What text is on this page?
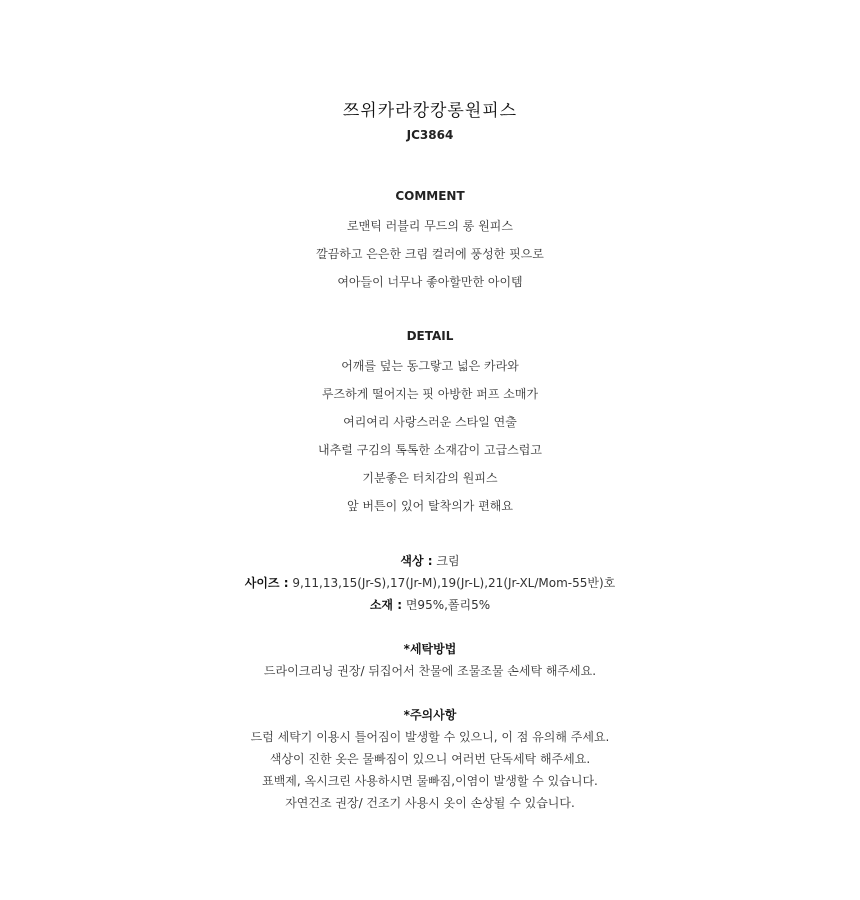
쯔위카라캉캉롱원피스
JC3864
COMMENT
로맨틱 러블리 무드의 롱 원피스
깔끔하고 은은한 크림 컬러에 풍성한 핏으로
여아들이 너무나 좋아할만한 아이템
DETAIL
어깨를 덮는 동그랗고 넓은 카라와
루즈하게 떨어지는 핏 아방한 퍼프 소매가
여리여리 사랑스러운 스타일 연출
내추럴 구김의 톡톡한 소재감이 고급스럽고
기분좋은 터치감의 원피스
앞 버튼이 있어 탈착의가 편해요
색상 : 크림
사이즈 : 9,11,13,15(Jr-S),17(Jr-M),19(Jr-L),21(Jr-XL/Mom-55반)호
소재 : 면95%,폴리5%
*세탁방법
드라이크리닝 권장/ 뒤집어서 찬물에 조물조물 손세탁 해주세요.
*주의사항
드럼 세탁기 이용시 틀어짐이 발생할 수 있으니, 이 점 유의해 주세요.
색상이 진한 옷은 물빠짐이 있으니 여러번 단독세탁 해주세요.
표백제, 옥시크린 사용하시면 물빠짐,이염이 발생할 수 있습니다.
자연건조 권장/ 건조기 사용시 옷이 손상될 수 있습니다.
